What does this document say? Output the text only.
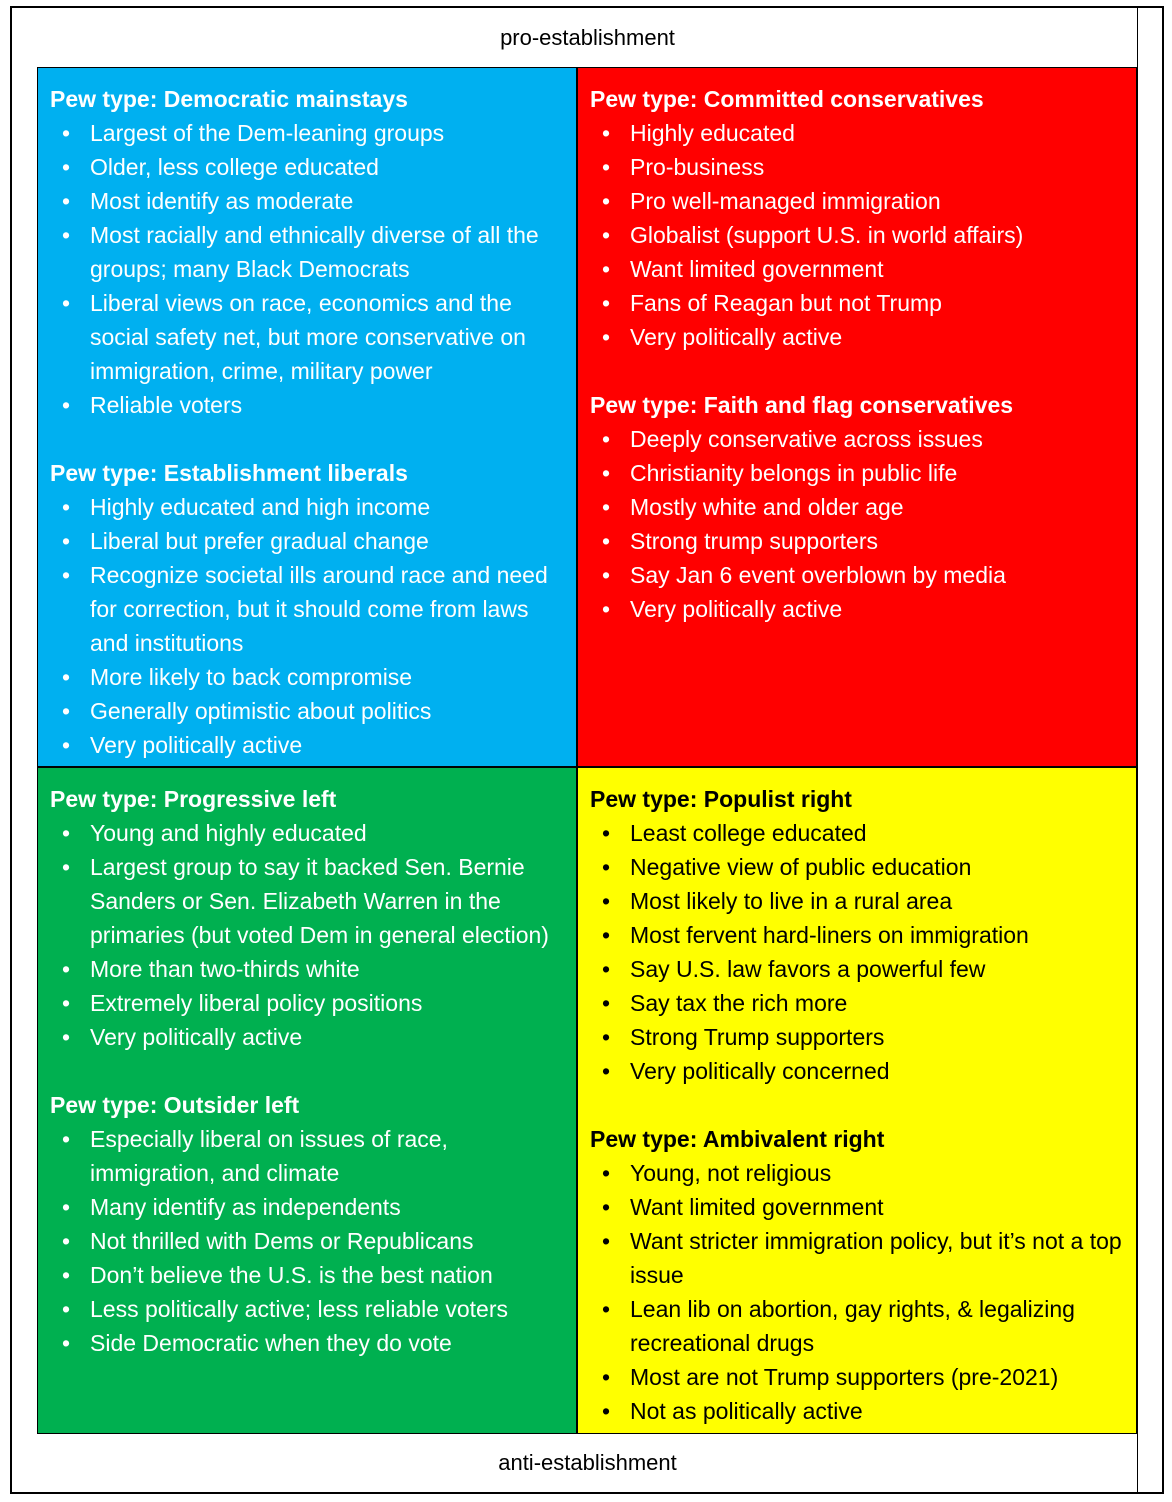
pro-establishment
anti-establishment
Pew type: Democratic mainstays
• Largest of the Dem-leaning groups
• Older, less college educated
• Most identify as moderate
• Most racially and ethnically diverse of all the groups; many Black Democrats
• Liberal views on race, economics and the social safety net, but more conservative on immigration, crime, military power
• Reliable voters
Pew type: Establishment liberals
• Highly educated and high income
• Liberal but prefer gradual change
• Recognize societal ills around race and need for correction, but it should come from laws and institutions
• More likely to back compromise
• Generally optimistic about politics
• Very politically active
Pew type: Committed conservatives
• Highly educated
• Pro-business
• Pro well-managed immigration
• Globalist (support U.S. in world affairs)
• Want limited government
• Fans of Reagan but not Trump
• Very politically active
Pew type: Faith and flag conservatives
• Deeply conservative across issues
• Christianity belongs in public life
• Mostly white and older age
• Strong trump supporters
• Say Jan 6 event overblown by media
• Very politically active
Pew type: Progressive left
• Young and highly educated
• Largest group to say it backed Sen. Bernie Sanders or Sen. Elizabeth Warren in the primaries (but voted Dem in general election)
• More than two-thirds white
• Extremely liberal policy positions
• Very politically active
Pew type: Outsider left
• Especially liberal on issues of race, immigration, and climate
• Many identify as independents
• Not thrilled with Dems or Republicans
• Don’t believe the U.S. is the best nation
• Less politically active; less reliable voters
• Side Democratic when they do vote
Pew type: Populist right
• Least college educated
• Negative view of public education
• Most likely to live in a rural area
• Most fervent hard-liners on immigration
• Say U.S. law favors a powerful few
• Say tax the rich more
• Strong Trump supporters
• Very politically concerned
Pew type: Ambivalent right
• Young, not religious
• Want limited government
• Want stricter immigration policy, but it’s not a top issue
• Lean lib on abortion, gay rights, & legalizing recreational drugs
• Most are not Trump supporters (pre-2021)
• Not as politically active
